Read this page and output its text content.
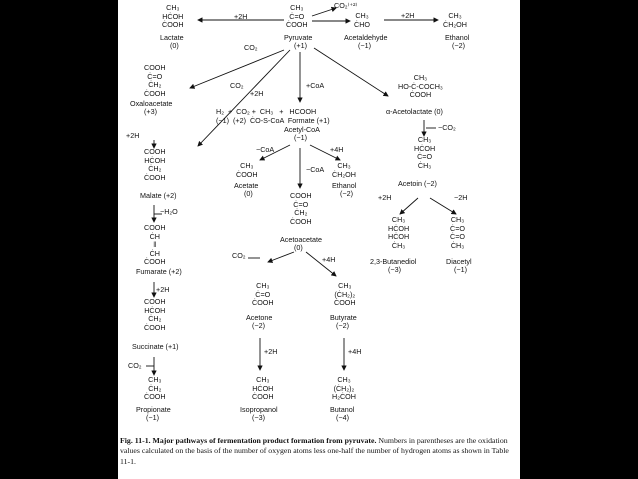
CH₃
HĊOH
ĊOOH
Lactate
(0)
+2H
CH₃
Ċ=O
ĊOOH
Pyruvate
(+1)
CO₂⁽⁺²⁾
CH₃
ĊHO
Acetaldehyde
(−1)
+2H	CH₃
ĊH₂OH
Ethanol
(−2)
CO₂
COOH
Ċ=O
ĊH₂
ĊOOH
Oxaloacetate
(+3)
CO₂
+2H
+CoA
H₂  +  CO₂ +  CH₃   +   HCOOH
(−1)  (+2)  ĊO-S-CoA  Formate (+1)
Acetyl-CoA
(−1)
CH₃
HO-Ċ-COCH₃
ĊOOH
α-Acetolactate (0)
+2H
−CO₂
COOH
HĊOH
ĊH₂
ĊOOH
Malate (+2)
−CoA	+4H
−CoA
CH₃
ĊOOH
Acetate
(0)
CH₃
ĊH₂OH
Ethanol
(−2)
CH₃
HĊOH
Ċ=O
ĊH₃
Acetoin (−2)
+2H	−2H
−H₂O
COOH
Ċ=O
ĊH₂
ĊOOH
Acetoacetate
(0)
COOH
ĊH
‖
ĊH
ĊOOH
Fumarate (+2)
CH₃
HĊOH
HĊOH
ĊH₃
2,3-Butanediol
(−3)
CH₃
Ċ=O
Ċ=O
ĊH₃
Diacetyl
(−1)
CO₂	+4H
+2H
COOH
HĊOH
ĊH₂
ĊOOH
Succinate (+1)
CH₃
Ċ=O
ĊOOH
Acetone
(−2)
CH₃
(ĊH₂)₂
ĊOOH
Butyrate
(−2)
+2H	+4H
CO₂
CH₃
ĊH₂
ĊOOH
Propionate
(−1)
CH₃
HĊOH
ĊOOH
Isopropanol
(−3)
CH₃
(ĊH₂)₂
H₂ĊOH
Butanol
(−4)
Fig. 11-1. Major pathways of fermentation product formation from pyruvate. Numbers in parentheses are the oxidation values calculated on the basis of the number of oxygen atoms less one-half the number of hydrogen atoms as shown in Table 11-1.
